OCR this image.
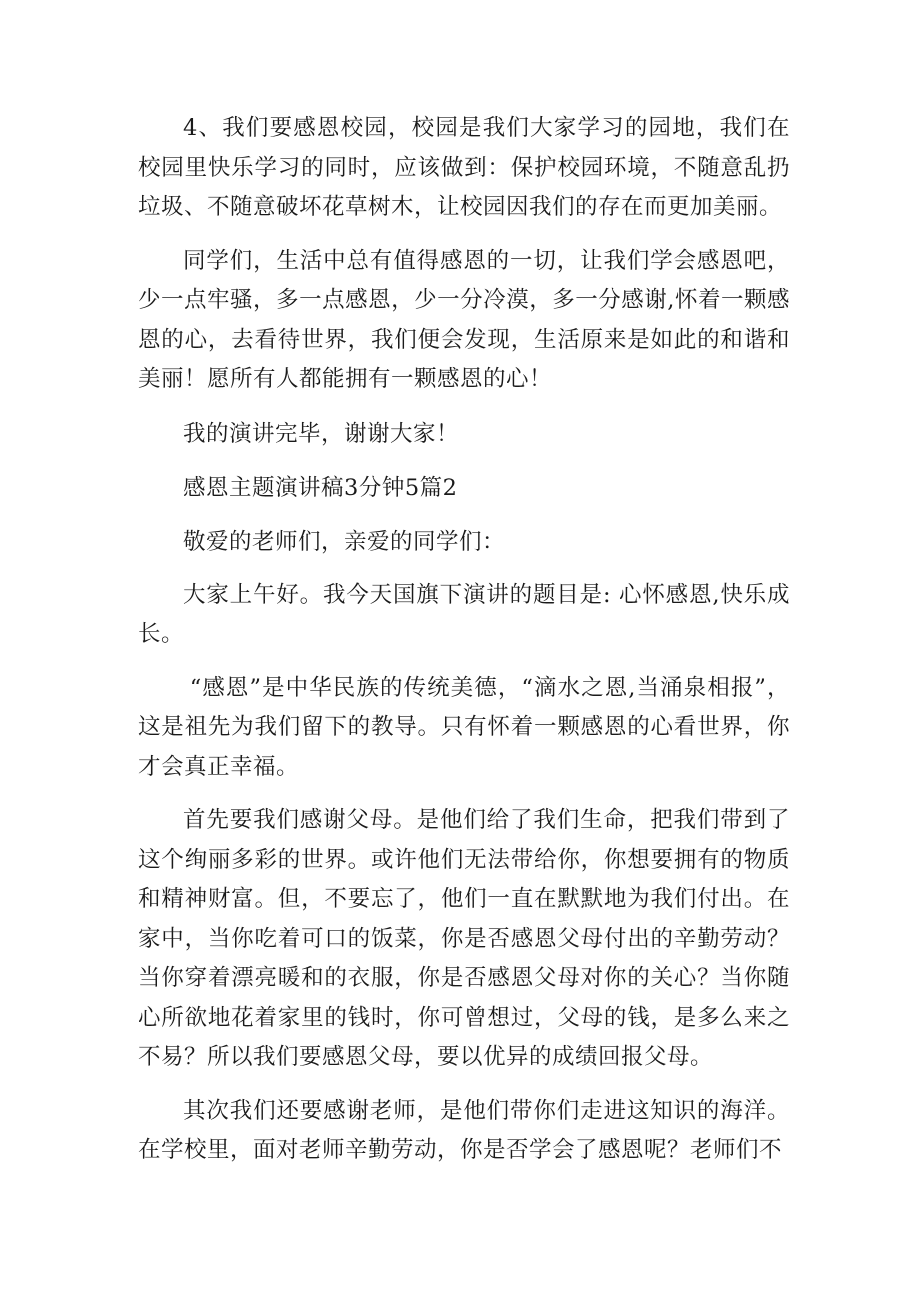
4、我们要感恩校园，校园是我们大家学习的园地，我们在校园里快乐学习的同时，应该做到：保护校园环境，不随意乱扔垃圾、不随意破坏花草树木，让校园因我们的存在而更加美丽。

同学们，生活中总有值得感恩的一切，让我们学会感恩吧，少一点牢骚，多一点感恩，少一分冷漠，多一分感谢,怀着一颗感恩的心，去看待世界，我们便会发现，生活原来是如此的和谐和美丽！愿所有人都能拥有一颗感恩的心！

我的演讲完毕，谢谢大家！

感恩主题演讲稿3分钟5篇2

敬爱的老师们，亲爱的同学们：

大家上午好。我今天国旗下演讲的题目是: 心怀感恩,快乐成长。

“感恩”是中华民族的传统美德，“滴水之恩,当涌泉相报”，这是祖先为我们留下的教导。只有怀着一颗感恩的心看世界，你才会真正幸福。

首先要我们感谢父母。是他们给了我们生命，把我们带到了这个绚丽多彩的世界。或许他们无法带给你，你想要拥有的物质和精神财富。但，不要忘了，他们一直在默默地为我们付出。在家中，当你吃着可口的饭菜，你是否感恩父母付出的辛勤劳动？当你穿着漂亮暖和的衣服，你是否感恩父母对你的关心？当你随心所欲地花着家里的钱时，你可曾想过，父母的钱，是多么来之不易？所以我们要感恩父母，要以优异的成绩回报父母。

其次我们还要感谢老师，是他们带你们走进这知识的海洋。在学校里，面对老师辛勤劳动，你是否学会了感恩呢？老师们不
